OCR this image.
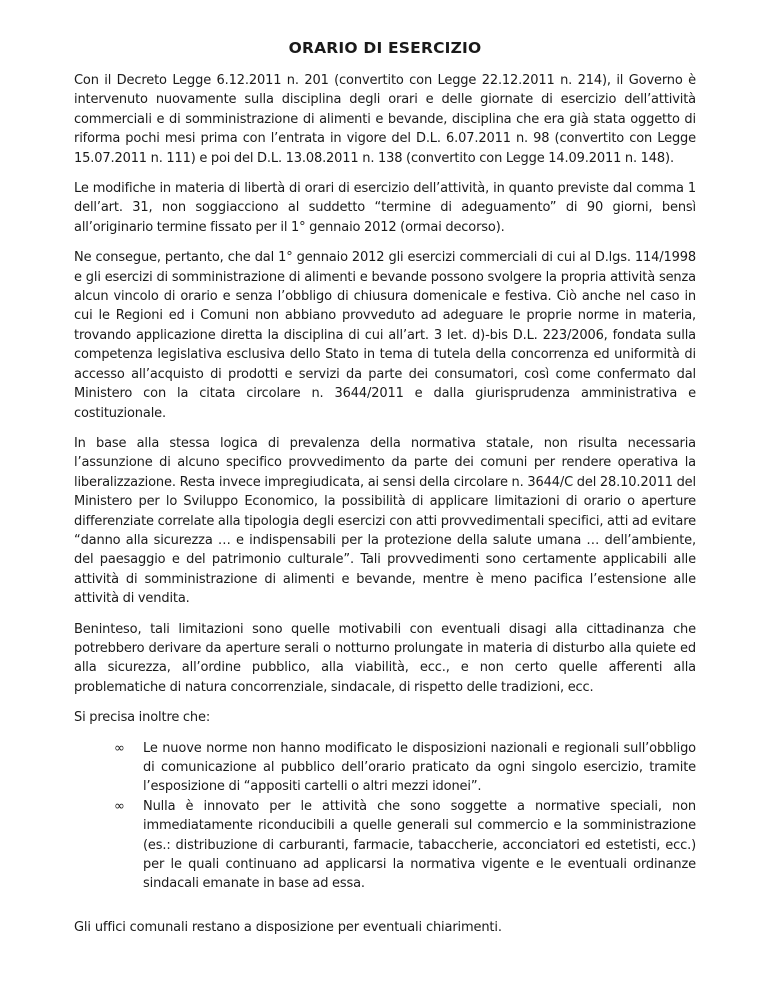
ORARIO DI ESERCIZIO

Con il Decreto Legge 6.12.2011 n. 201 (convertito con Legge 22.12.2011 n. 214), il Governo è intervenuto nuovamente sulla disciplina degli orari e delle giornate di esercizio dell’attività commerciali e di somministrazione di alimenti e bevande, disciplina che era già stata oggetto di riforma pochi mesi prima con l’entrata in vigore del D.L. 6.07.2011 n. 98 (convertito con Legge 15.07.2011 n. 111) e poi del D.L. 13.08.2011 n. 138 (convertito con Legge 14.09.2011 n. 148).

Le modifiche in materia di libertà di orari di esercizio dell’attività, in quanto previste dal comma 1 dell’art. 31, non soggiacciono al suddetto “termine di adeguamento” di 90 giorni, bensì all’originario termine fissato per il 1° gennaio 2012 (ormai decorso).

Ne consegue, pertanto, che dal 1° gennaio 2012 gli esercizi commerciali di cui al D.lgs. 114/1998 e gli esercizi di somministrazione di alimenti e bevande possono svolgere la propria attività senza alcun vincolo di orario e senza l’obbligo di chiusura domenicale e festiva. Ciò anche nel caso in cui le Regioni ed i Comuni non abbiano provveduto ad adeguare le proprie norme in materia, trovando applicazione diretta la disciplina di cui all’art. 3 let. d)-bis D.L. 223/2006, fondata sulla competenza legislativa esclusiva dello Stato in tema di tutela della concorrenza ed uniformità di accesso all’acquisto di prodotti e servizi da parte dei consumatori, così come confermato dal Ministero con la citata circolare n. 3644/2011 e dalla giurisprudenza amministrativa e costituzionale.

In base alla stessa logica di prevalenza della normativa statale, non risulta necessaria l’assunzione di alcuno specifico provvedimento da parte dei comuni per rendere operativa la liberalizzazione. Resta invece impregiudicata, ai sensi della circolare n. 3644/C del 28.10.2011 del Ministero per lo Sviluppo Economico, la possibilità di applicare limitazioni di orario o aperture differenziate correlate alla tipologia degli esercizi con atti provvedimentali specifici, atti ad evitare “danno alla sicurezza … e indispensabili per la protezione della salute umana … dell’ambiente, del paesaggio e del patrimonio culturale”. Tali provvedimenti sono certamente applicabili alle attività di somministrazione di alimenti e bevande, mentre è meno pacifica l’estensione alle attività di vendita.

Beninteso, tali limitazioni sono quelle motivabili con eventuali disagi alla cittadinanza che potrebbero derivare da aperture serali o notturno prolungate in materia di disturbo alla quiete ed alla sicurezza, all’ordine pubblico, alla viabilità, ecc., e non certo quelle afferenti alla problematiche di natura concorrenziale, sindacale, di rispetto delle tradizioni, ecc.

Si precisa inoltre che:

∞ Le nuove norme non hanno modificato le disposizioni nazionali e regionali sull’obbligo di comunicazione al pubblico dell’orario praticato da ogni singolo esercizio, tramite l’esposizione di “appositi cartelli o altri mezzi idonei”.
∞ Nulla è innovato per le attività che sono soggette a normative speciali, non immediatamente riconducibili a quelle generali sul commercio e la somministrazione (es.: distribuzione di carburanti, farmacie, tabaccherie, acconciatori ed estetisti, ecc.) per le quali continuano ad applicarsi la normativa vigente e le eventuali ordinanze sindacali emanate in base ad essa.

Gli uffici comunali restano a disposizione per eventuali chiarimenti.
